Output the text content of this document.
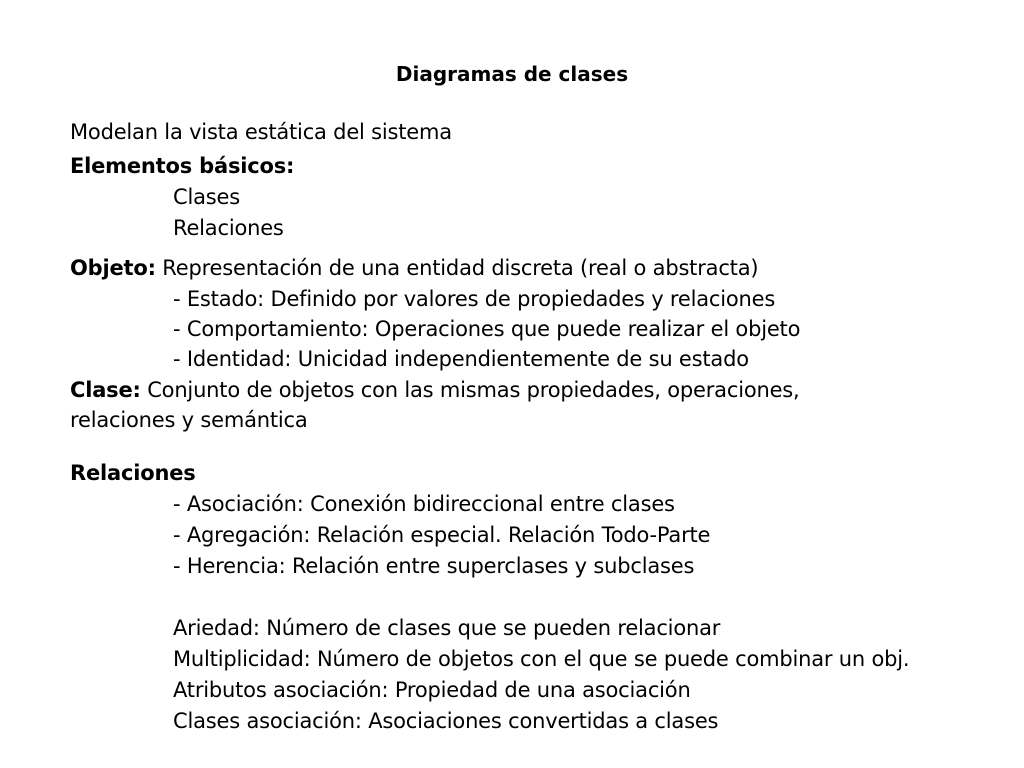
Diagramas de clases
Modelan la vista estática del sistema
Elementos básicos:
Clases
Relaciones
Objeto: Representación de una entidad discreta (real o abstracta)
- Estado: Definido por valores de propiedades y relaciones
- Comportamiento: Operaciones que puede realizar el objeto
- Identidad: Unicidad independientemente de su estado
Clase: Conjunto de objetos con las mismas propiedades, operaciones,
relaciones y semántica
Relaciones
- Asociación: Conexión bidireccional entre clases
- Agregación: Relación especial. Relación Todo-Parte
- Herencia: Relación entre superclases y subclases
Ariedad: Número de clases que se pueden relacionar
Multiplicidad: Número de objetos con el que se puede combinar un obj.
Atributos asociación: Propiedad de una asociación
Clases asociación: Asociaciones convertidas a clases
